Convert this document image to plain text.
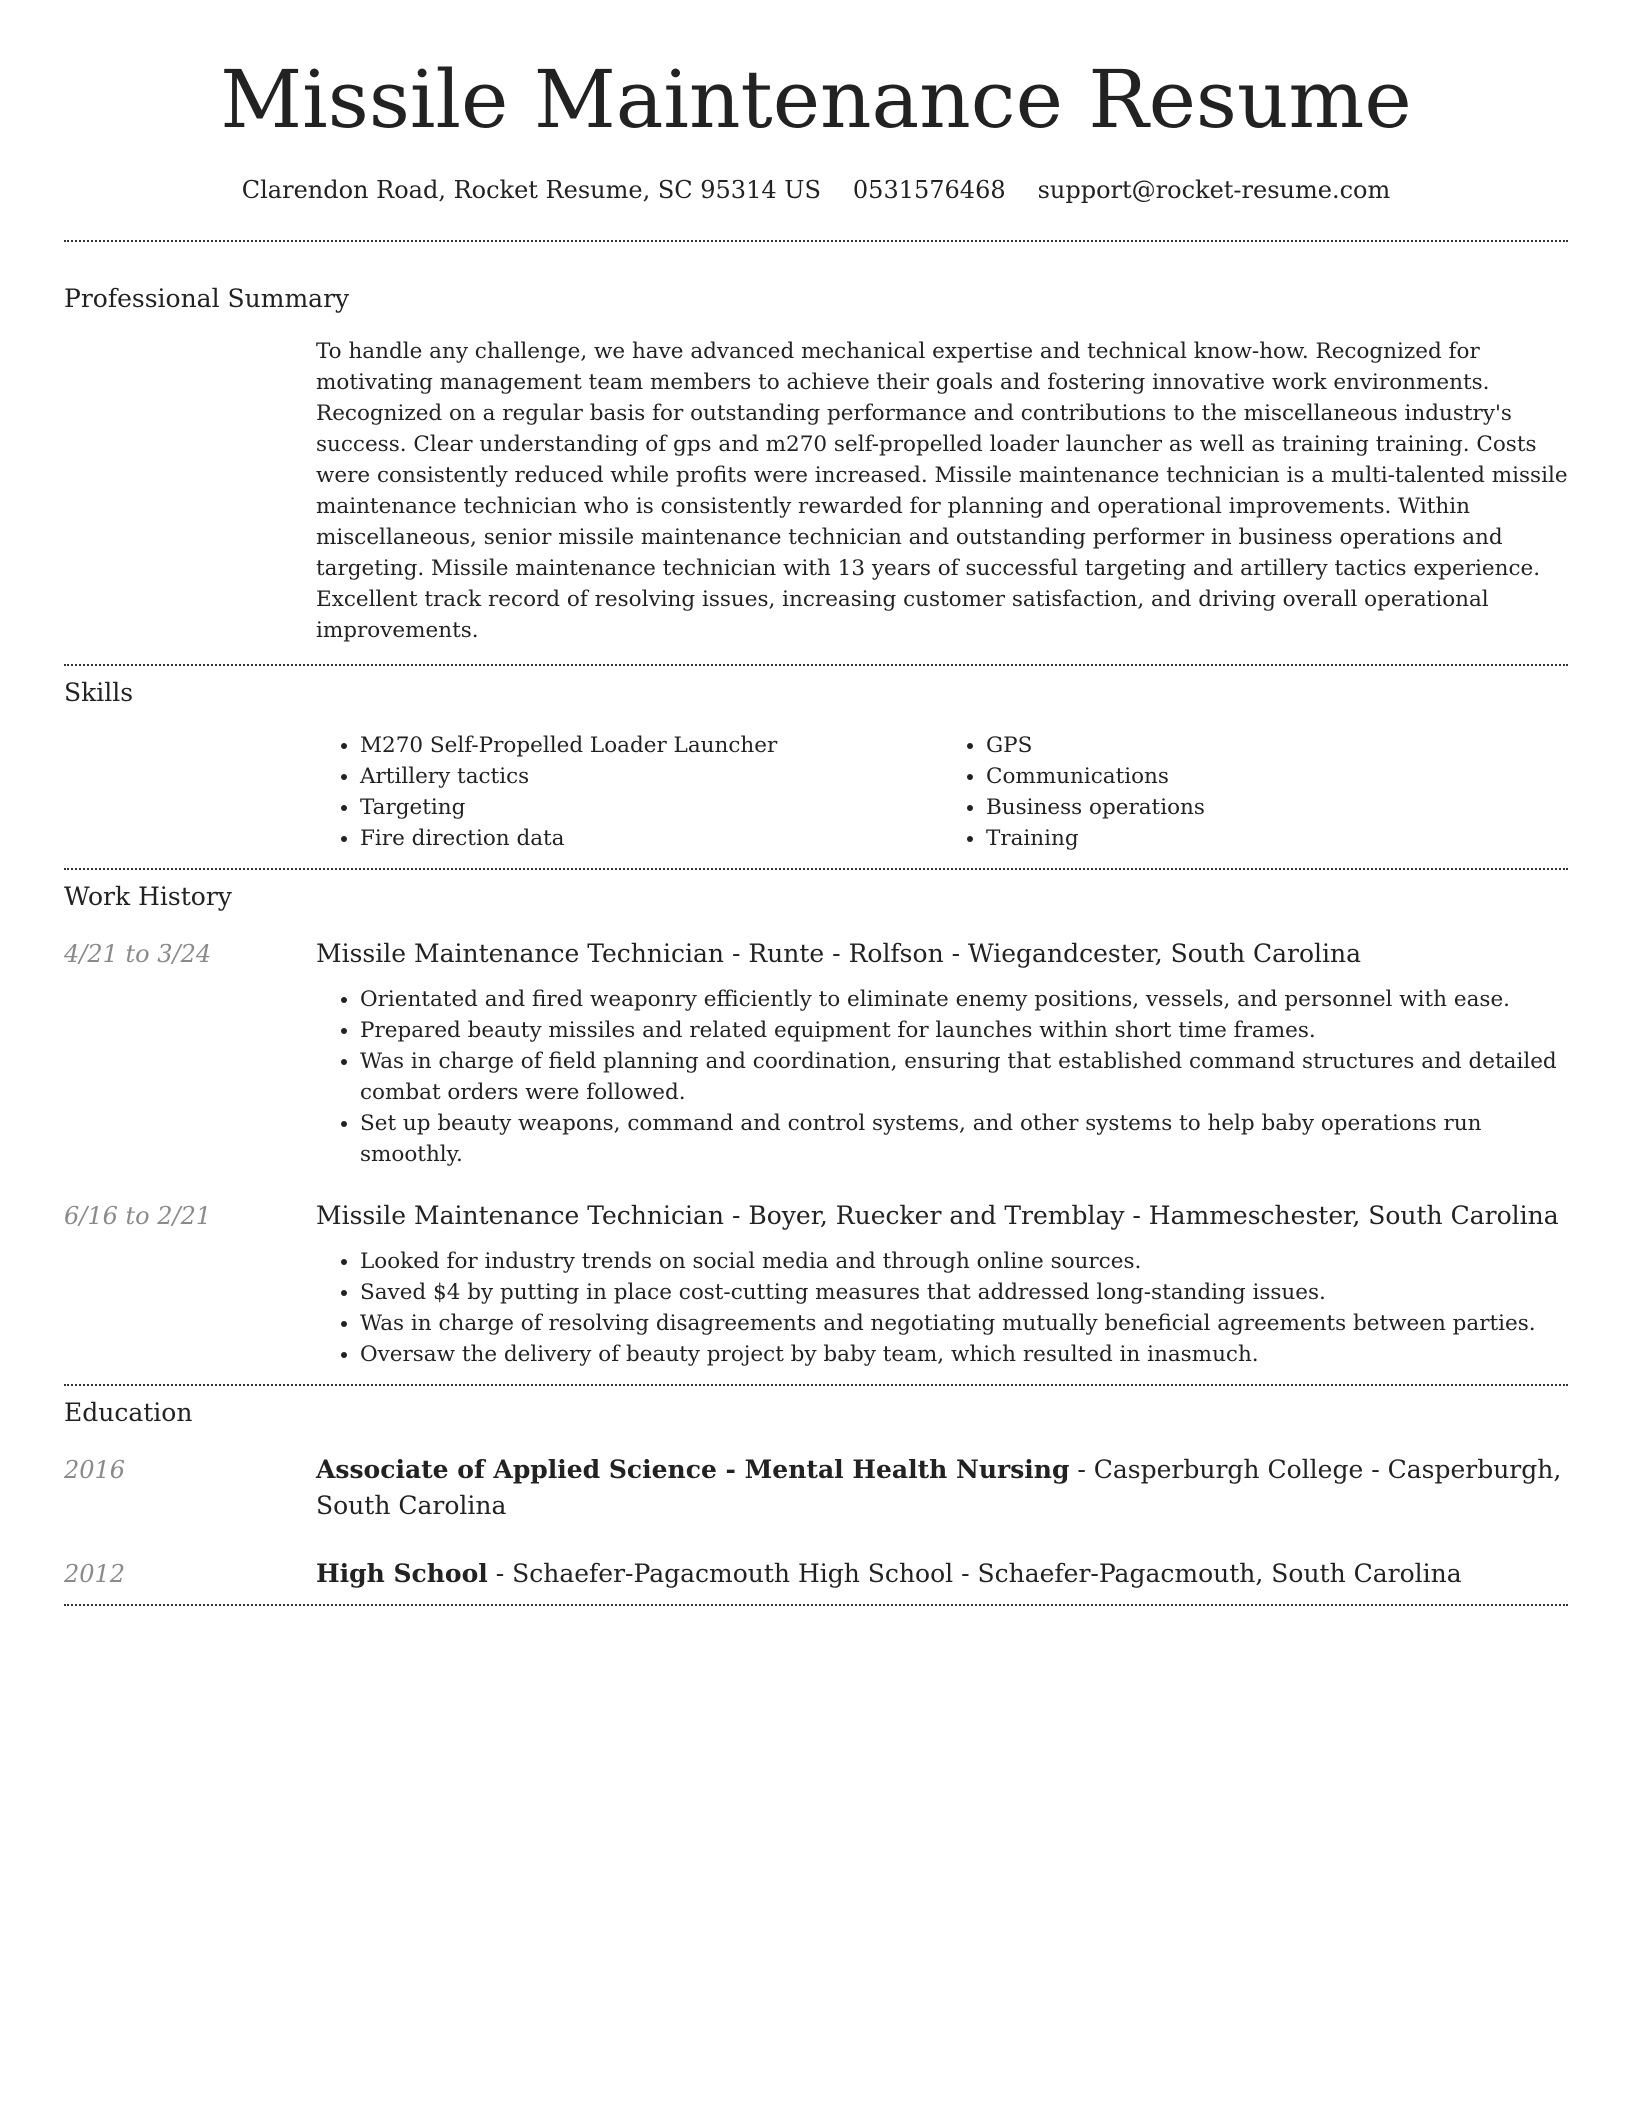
Missile Maintenance Resume
Clarendon Road, Rocket Resume, SC 95314 US 0531576468 support@rocket-resume.com
Professional Summary

To handle any challenge, we have advanced mechanical expertise and technical know-how. Recognized for motivating management team members to achieve their goals and fostering innovative work environments. Recognized on a regular basis for outstanding performance and contributions to the miscellaneous industry's success. Clear understanding of gps and m270 self-propelled loader launcher as well as training training. Costs were consistently reduced while profits were increased. Missile maintenance technician is a multi-talented missile maintenance technician who is consistently rewarded for planning and operational improvements. Within miscellaneous, senior missile maintenance technician and outstanding performer in business operations and targeting. Missile maintenance technician with 13 years of successful targeting and artillery tactics experience. Excellent track record of resolving issues, increasing customer satisfaction, and driving overall operational improvements.

Skills
• M270 Self-Propelled Loader Launcher
• Artillery tactics
• Targeting
• Fire direction data
• GPS
• Communications
• Business operations
• Training
Work History
4/21 to 3/24	Missile Maintenance Technician - Runte - Rolfson - Wiegandcester, South Carolina
• Orientated and fired weaponry efficiently to eliminate enemy positions, vessels, and personnel with ease.
• Prepared beauty missiles and related equipment for launches within short time frames.
• Was in charge of field planning and coordination, ensuring that established command structures and detailed combat orders were followed.
• Set up beauty weapons, command and control systems, and other systems to help baby operations run smoothly.
6/16 to 2/21	Missile Maintenance Technician - Boyer, Ruecker and Tremblay - Hammeschester, South Carolina
• Looked for industry trends on social media and through online sources.
• Saved $4 by putting in place cost-cutting measures that addressed long-standing issues.
• Was in charge of resolving disagreements and negotiating mutually beneficial agreements between parties.
• Oversaw the delivery of beauty project by baby team, which resulted in inasmuch.
Education
2016	Associate of Applied Science - Mental Health Nursing - Casperburgh College - Casperburgh, South Carolina
2012	High School - Schaefer-Pagacmouth High School - Schaefer-Pagacmouth, South Carolina
